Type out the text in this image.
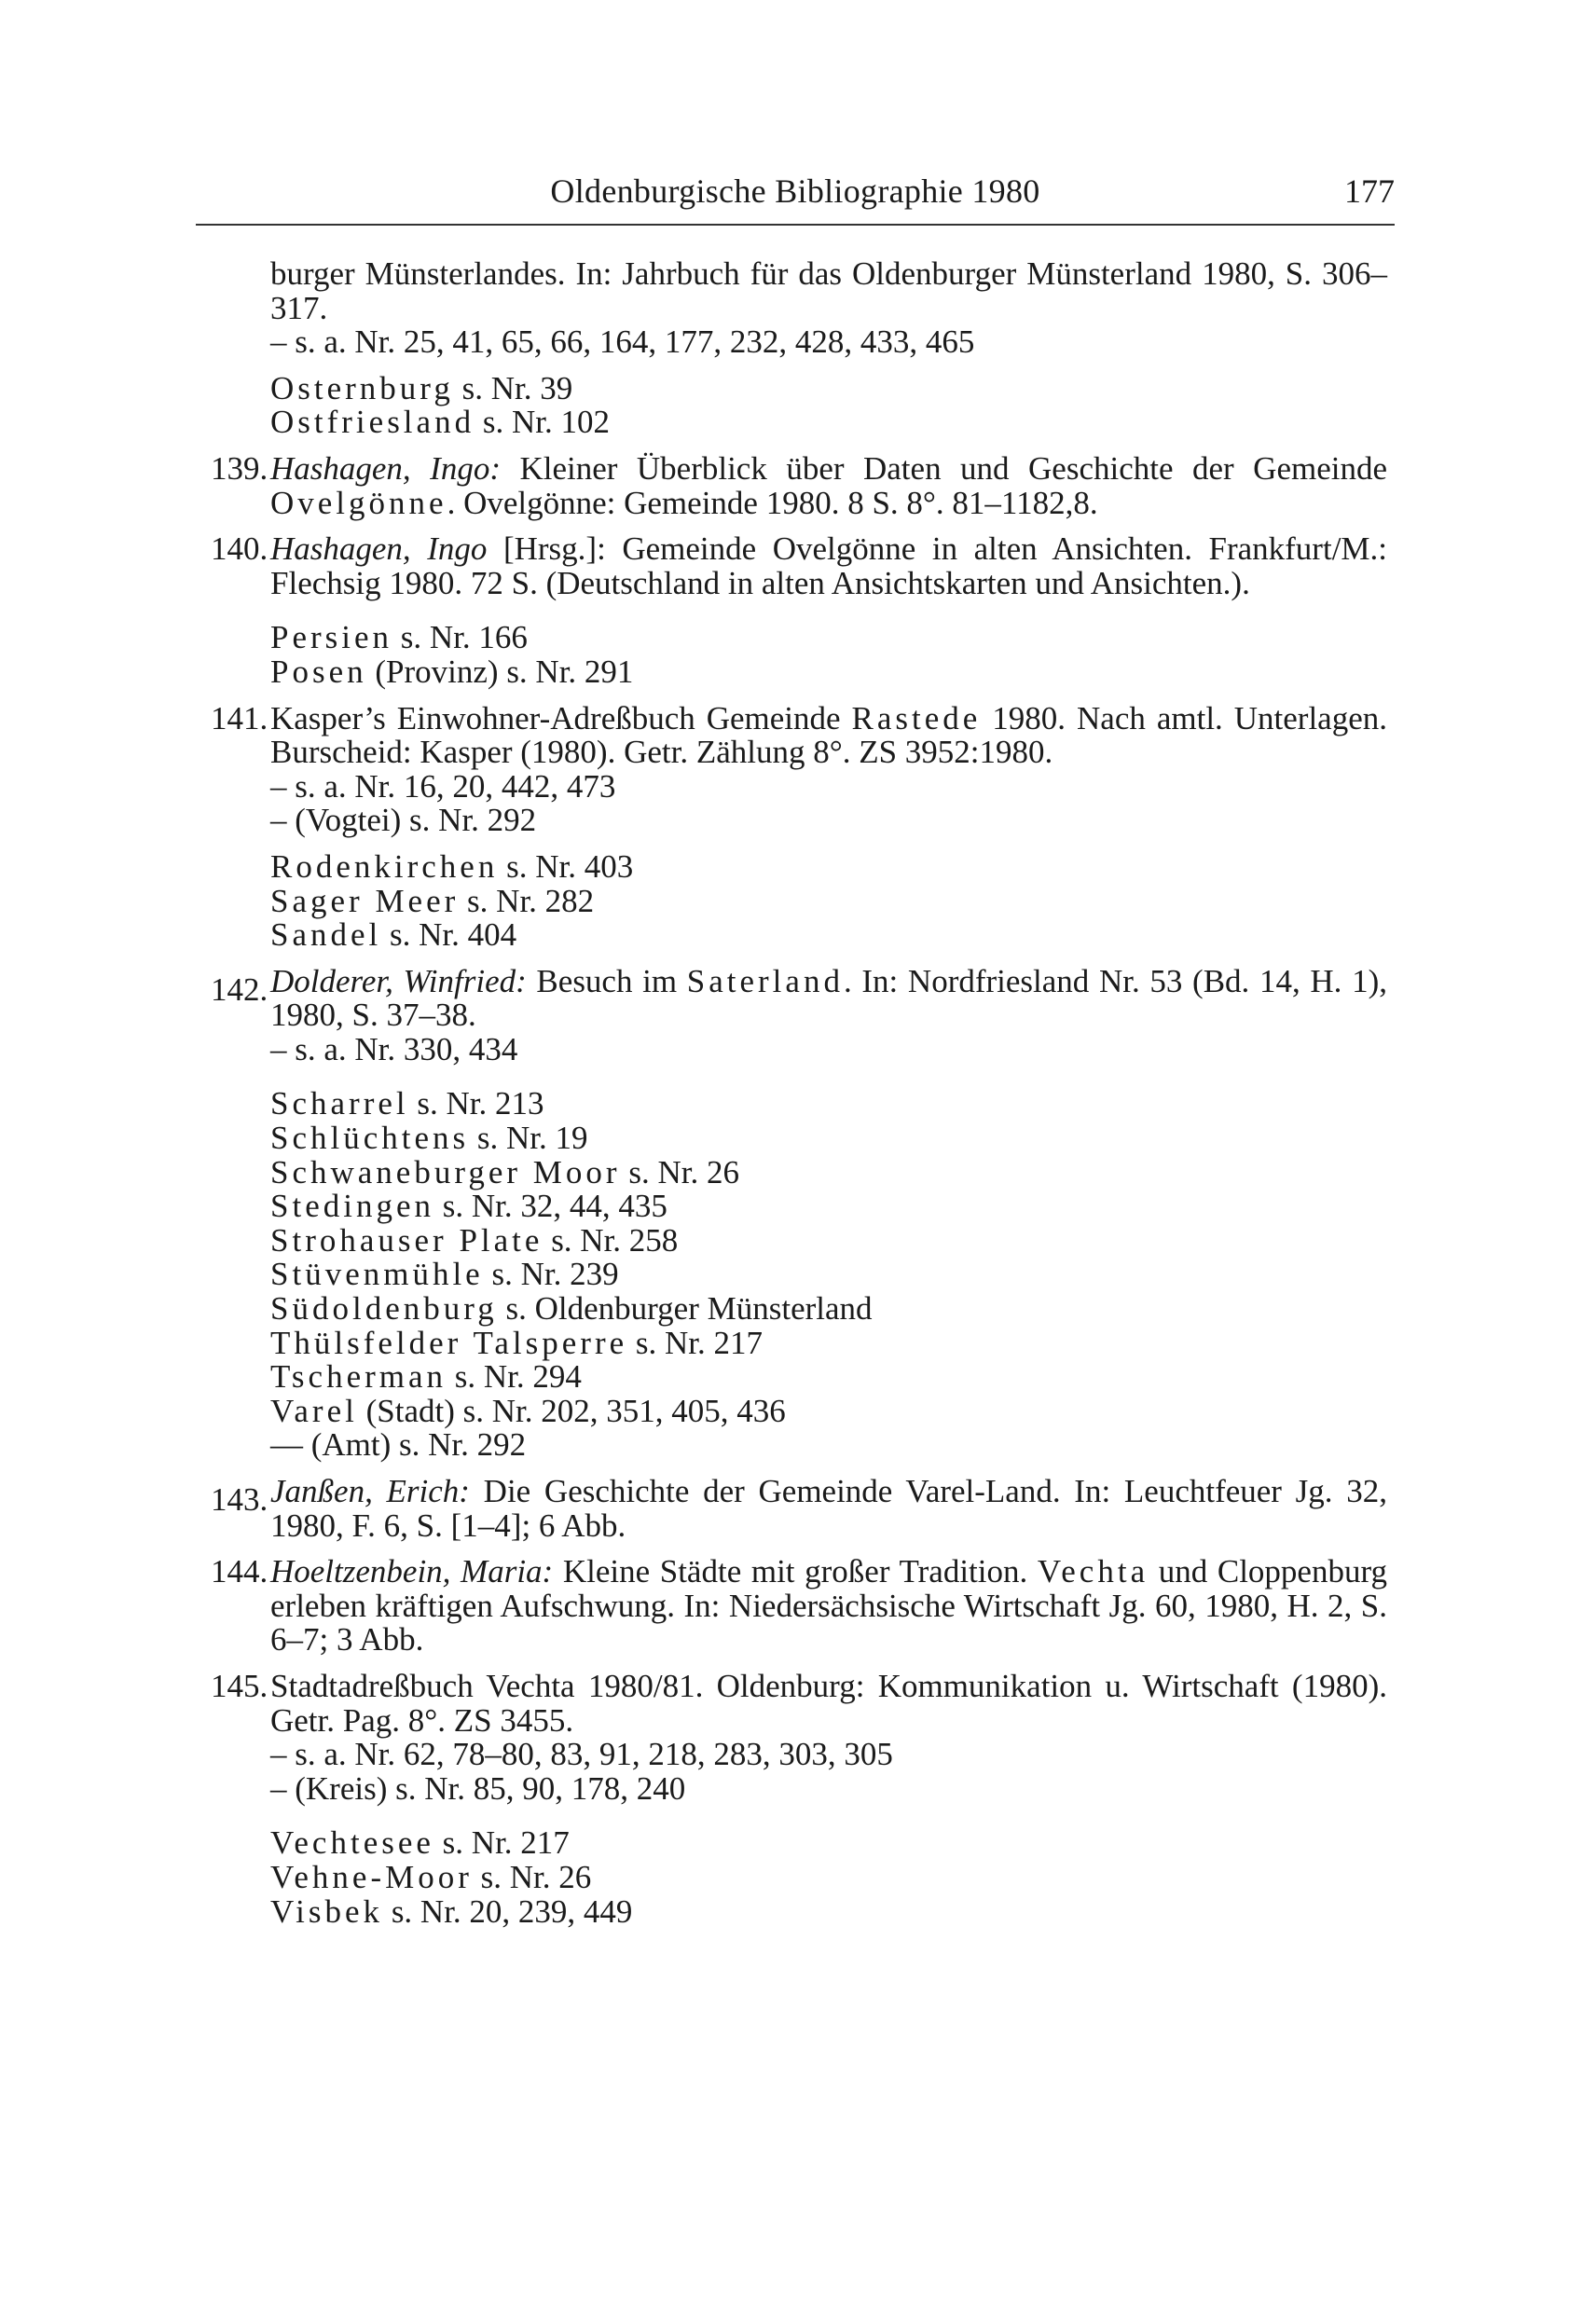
Oldenburgische Bibliographie 1980	177
burger Münsterlandes. In: Jahrbuch für das Oldenburger Münsterland 1980, S. 306–317.
– s. a. Nr. 25, 41, 65, 66, 164, 177, 232, 428, 433, 465
Osternburg s. Nr. 39
Ostfriesland s. Nr. 102
139. Hashagen, Ingo: Kleiner Überblick über Daten und Geschichte der Gemeinde Ovelgönne. Ovelgönne: Gemeinde 1980. 8 S. 8°. 81–1182,8.
140. Hashagen, Ingo [Hrsg.]: Gemeinde Ovelgönne in alten Ansichten. Frankfurt/M.: Flechsig 1980. 72 S. (Deutschland in alten Ansichtskarten und Ansichten.).
Persien s. Nr. 166
Posen (Provinz) s. Nr. 291
141. Kasper’s Einwohner-Adreßbuch Gemeinde Rastede 1980. Nach amtl. Unterlagen. Burscheid: Kasper (1980). Getr. Zählung 8°. ZS 3952:1980.
– s. a. Nr. 16, 20, 442, 473
– (Vogtei) s. Nr. 292
Rodenkirchen s. Nr. 403
Sager Meer s. Nr. 282
Sandel s. Nr. 404
142. Dolderer, Winfried: Besuch im Saterland. In: Nordfriesland Nr. 53 (Bd. 14, H. 1), 1980, S. 37–38.
– s. a. Nr. 330, 434
Scharrel s. Nr. 213
Schlüchtens s. Nr. 19
Schwaneburger Moor s. Nr. 26
Stedingen s. Nr. 32, 44, 435
Strohauser Plate s. Nr. 258
Stüvenmühle s. Nr. 239
Südoldenburg s. Oldenburger Münsterland
Thülsfelder Talsperre s. Nr. 217
Tscherman s. Nr. 294
Varel (Stadt) s. Nr. 202, 351, 405, 436
— (Amt) s. Nr. 292
143. Janßen, Erich: Die Geschichte der Gemeinde Varel-Land. In: Leuchtfeuer Jg. 32, 1980, F. 6, S. [1–4]; 6 Abb.
144. Hoeltzenbein, Maria: Kleine Städte mit großer Tradition. Vechta und Cloppenburg erleben kräftigen Aufschwung. In: Niedersächsische Wirtschaft Jg. 60, 1980, H. 2, S. 6–7; 3 Abb.
145. Stadtadreßbuch Vechta 1980/81. Oldenburg: Kommunikation u. Wirtschaft (1980). Getr. Pag. 8°. ZS 3455.
– s. a. Nr. 62, 78–80, 83, 91, 218, 283, 303, 305
– (Kreis) s. Nr. 85, 90, 178, 240
Vechtesee s. Nr. 217
Vehne-Moor s. Nr. 26
Visbek s. Nr. 20, 239, 449
